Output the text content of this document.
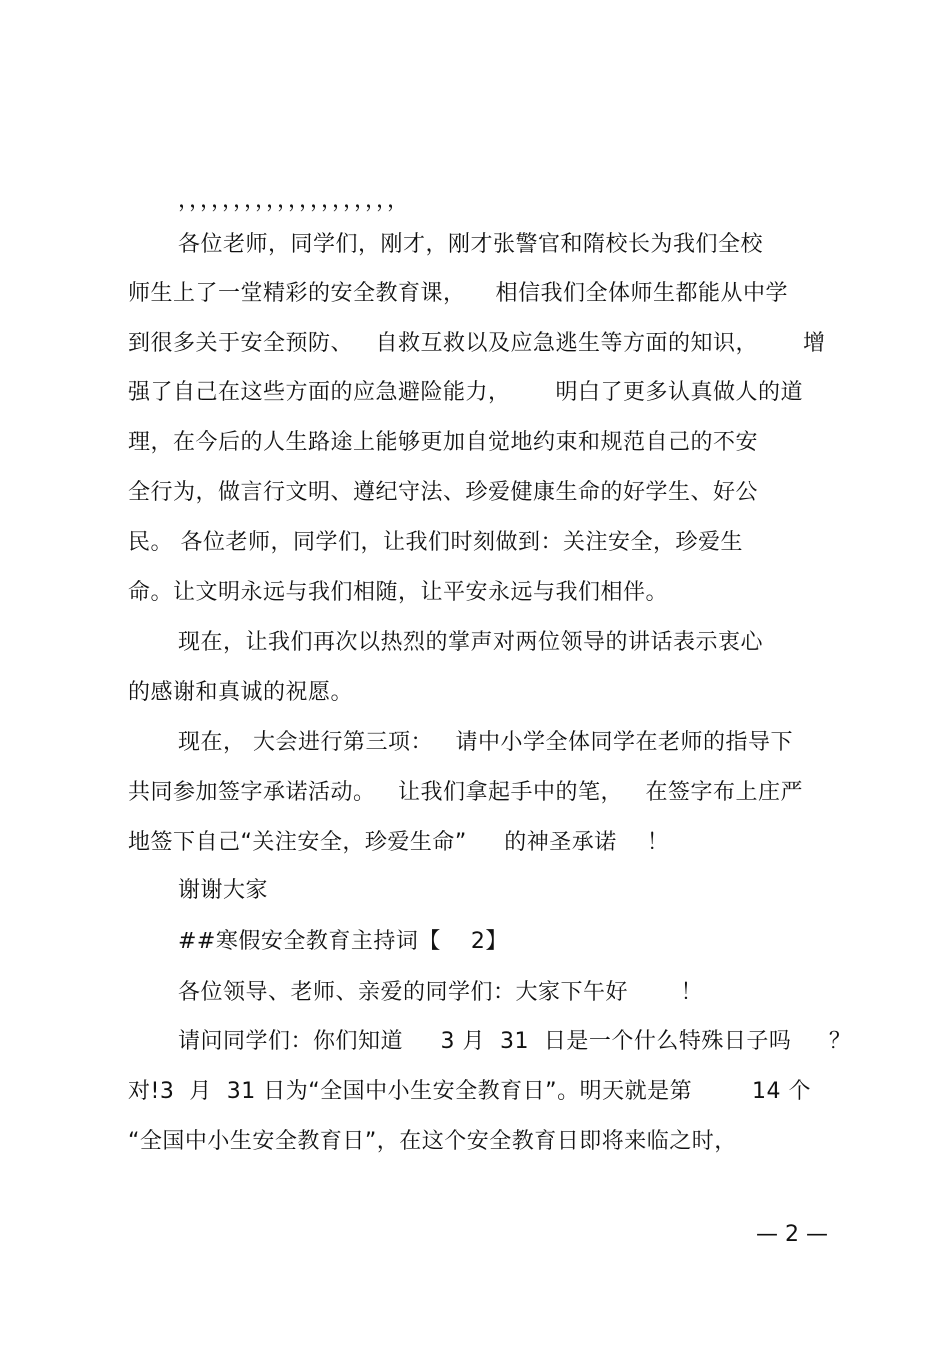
，，，，，，，，，，，，，，，，，，，，
各位老师，同学们，刚才，刚才张警官和隋校长为我们全校
师生上了一堂精彩的安全教育课，    相信我们全体师生都能从中学
到很多关于安全预防、   自救互救以及应急逃生等方面的知识，      增
强了自己在这些方面的应急避险能力，      明白了更多认真做人的道
理，在今后的人生路途上能够更加自觉地约束和规范自己的不安
全行为，做言行文明、遵纪守法、珍爱健康生命的好学生、好公
民。 各位老师，同学们，让我们时刻做到：关注安全，珍爱生
命。让文明永远与我们相随，让平安永远与我们相伴。
现在，让我们再次以热烈的掌声对两位领导的讲话表示衷心
的感谢和真诚的祝愿。
现在， 大会进行第三项：   请中小学全体同学在老师的指导下
共同参加签字承诺活动。   让我们拿起手中的笔，   在签字布上庄严
地签下自己“关注安全，珍爱生命”     的神圣承诺    ！
谢谢大家
##寒假安全教育主持词【    2】
各位领导、老师、亲爱的同学们：大家下午好       ！
请问同学们：你们知道     3 月  31  日是一个什么特殊日子吗     ？
对!3  月  31 日为“全国中小生安全教育日”。明天就是第        14 个
“全国中小生安全教育日”，在这个安全教育日即将来临之时，
— 2 —
